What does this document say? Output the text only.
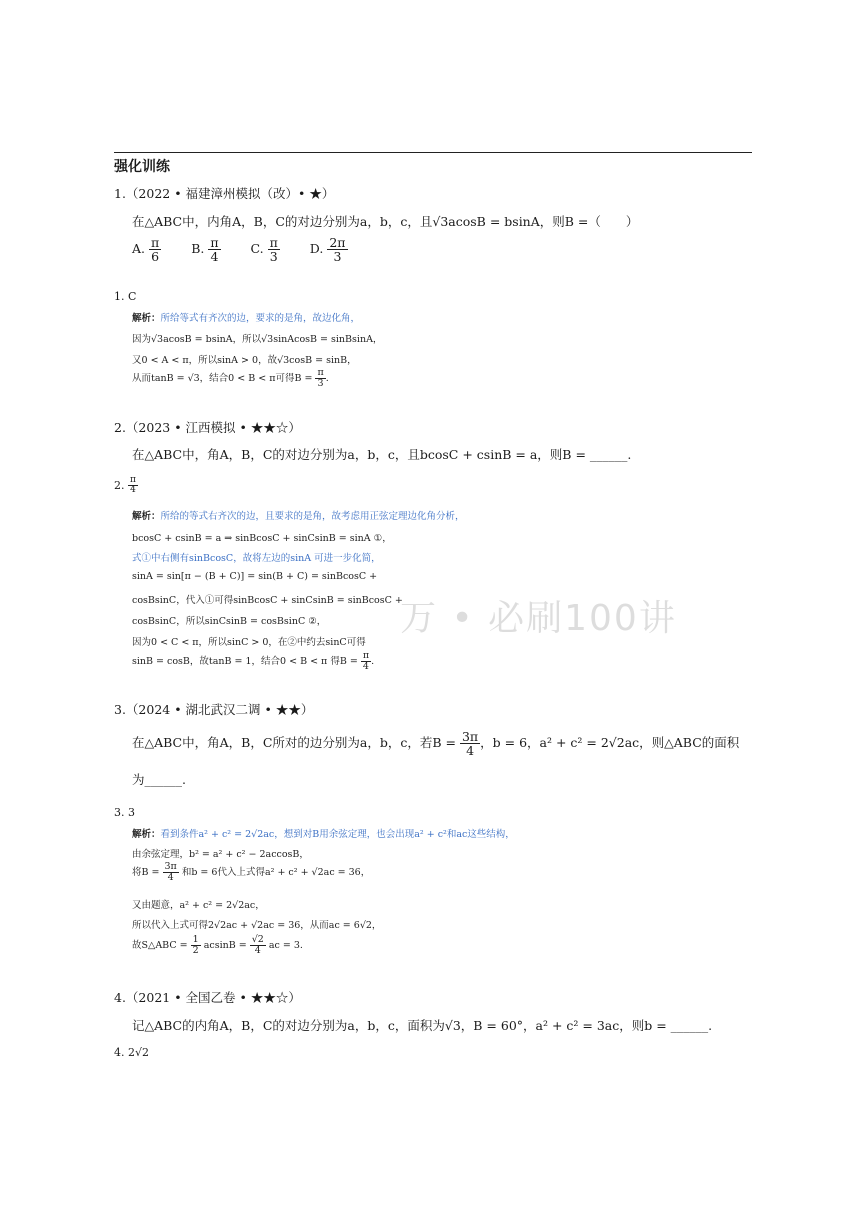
强化训练
万 • 必刷100讲
1.（2022 • 福建漳州模拟（改）• ★）
在△ABC中，内角A，B，C的对边分别为a，b，c，且√3acosB = bsinA，则B =（　　）
A. $\frac{\pi}{6} B$. $\frac{\pi}{4} C$. $\frac{\pi}{3} D$. $\frac{2\pi}{3}$
1. C
解析：所给等式有齐次的边，要求的是角，故边化角，
因为√3acosB = bsinA，所以√3sinAcosB = sinBsinA，
又0 < A < π，所以sinA > 0，故√3cosB = sinB，
从而tanB = √3，结合0 < B < π可得$B = \frac{\pi}{3}$ .
2.（2023 • 江西模拟 • ★★☆）
在△ABC中，角A，B，C的对边分别为a，b，c，且bcosC + csinB = a，则B = ______.
2. $\frac{\pi}{4}$
解析：所给的等式右齐次的边，且要求的是角，故考虑用正弦定理边化角分析，
bcosC + csinB = a ⇒ sinBcosC + sinCsinB = sinA ①，
式①中右侧有sinBcosC，故将左边的sinA 可进一步化简，
sinA = sin[π − (B + C)] = sin(B + C) = sinBcosC +
cosBsinC，代入①可得sinBcosC + sinCsinB = sinBcosC +
cosBsinC，所以sinCsinB = cosBsinC ②，
因为0 < C < π，所以sinC > 0，在②中约去sinC可得
sinB = cosB，故tanB = 1，结合0 < B < π 得$B = \frac{\pi}{4}$ .
3.（2024 • 湖北武汉二调 • ★★）
在△ABC中，角A，B，C所对的边分别为a，b，c，若$B = \frac{3\pi}{4}$ ，b = 6，a² + c² = 2√2ac，则△ABC的面积
为______.
3. 3
解析：看到条件a² + c² = 2√2ac，想到对B用余弦定理，也会出现a² + c²和ac这些结构，
由余弦定理，b² = a² + c² − 2accosB，
将$B = \frac{3\pi}{4}$ 和b = 6代入上式得a² + c² + √2ac = 36，
又由题意，a² + c² = 2√2ac，
所以代入上式可得2√2ac + √2ac = 36，从而ac = 6√2，
故S△ABC = $\frac{1}{2}$ $acsinB = \frac{√2}{4}$ ac = 3.
4.（2021 • 全国乙卷 • ★★☆）
记△ABC的内角A，B，C的对边分别为a，b，c，面积为√3，B = 60°，a² + c² = 3ac，则b = ______.
4. 2√2
